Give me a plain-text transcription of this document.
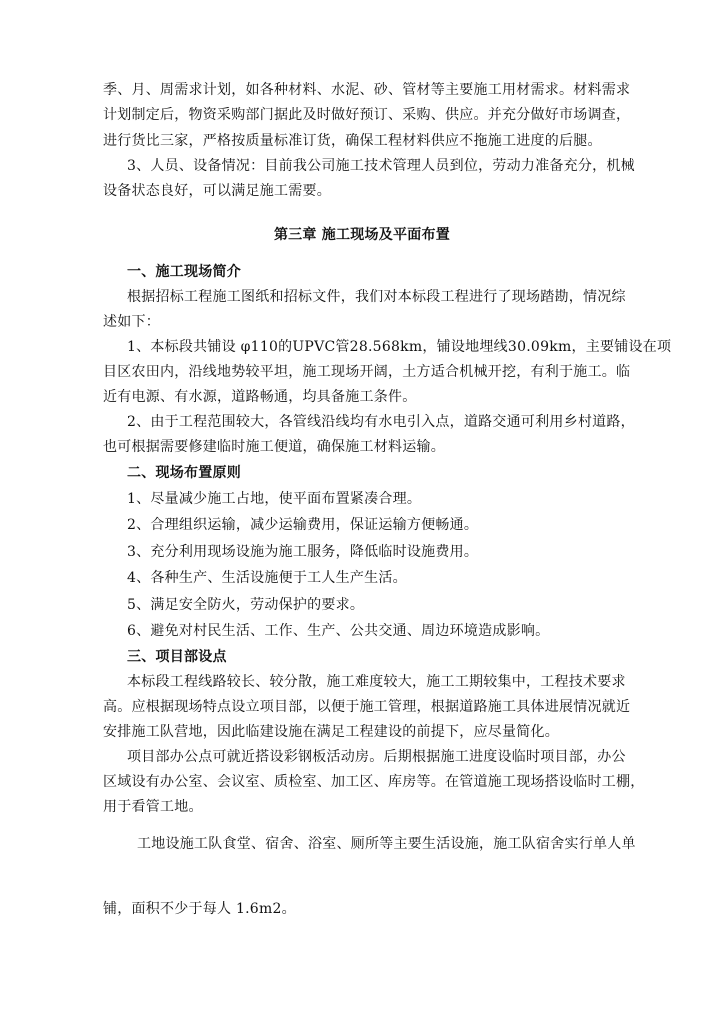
季、月、周需求计划，如各种材料、水泥、砂、管材等主要施工用材需求。材料需求
计划制定后，物资采购部门据此及时做好预订、采购、供应。并充分做好市场调查，
进行货比三家，严格按质量标准订货，确保工程材料供应不拖施工进度的后腿。
3、人员、设备情况：目前我公司施工技术管理人员到位，劳动力准备充分，机械
设备状态良好，可以满足施工需要。
第三章 施工现场及平面布置
一、施工现场简介
根据招标工程施工图纸和招标文件，我们对本标段工程进行了现场踏勘，情况综
述如下：
1、本标段共铺设 φ110的UPVC管28.568km，铺设地埋线30.09km，主要铺设在项
目区农田内，沿线地势较平坦，施工现场开阔，土方适合机械开挖，有利于施工。临
近有电源、有水源，道路畅通，均具备施工条件。
2、由于工程范围较大，各管线沿线均有水电引入点，道路交通可利用乡村道路，
也可根据需要修建临时施工便道，确保施工材料运输。
二、现场布置原则
1、尽量减少施工占地，使平面布置紧凑合理。
2、合理组织运输，减少运输费用，保证运输方便畅通。
3、充分利用现场设施为施工服务，降低临时设施费用。
4、各种生产、生活设施便于工人生产生活。
5、满足安全防火，劳动保护的要求。
6、避免对村民生活、工作、生产、公共交通、周边环境造成影响。
三、项目部设点
本标段工程线路较长、较分散，施工难度较大，施工工期较集中，工程技术要求
高。应根据现场特点设立项目部，以便于施工管理，根据道路施工具体进展情况就近
安排施工队营地，因此临建设施在满足工程建设的前提下，应尽量简化。
项目部办公点可就近搭设彩钢板活动房。后期根据施工进度设临时项目部，办公
区域设有办公室、会议室、质检室、加工区、库房等。在管道施工现场搭设临时工棚，
用于看管工地。
工地设施工队食堂、宿舍、浴室、厕所等主要生活设施，施工队宿舍实行单人单
铺，面积不少于每人 1.6m2。
